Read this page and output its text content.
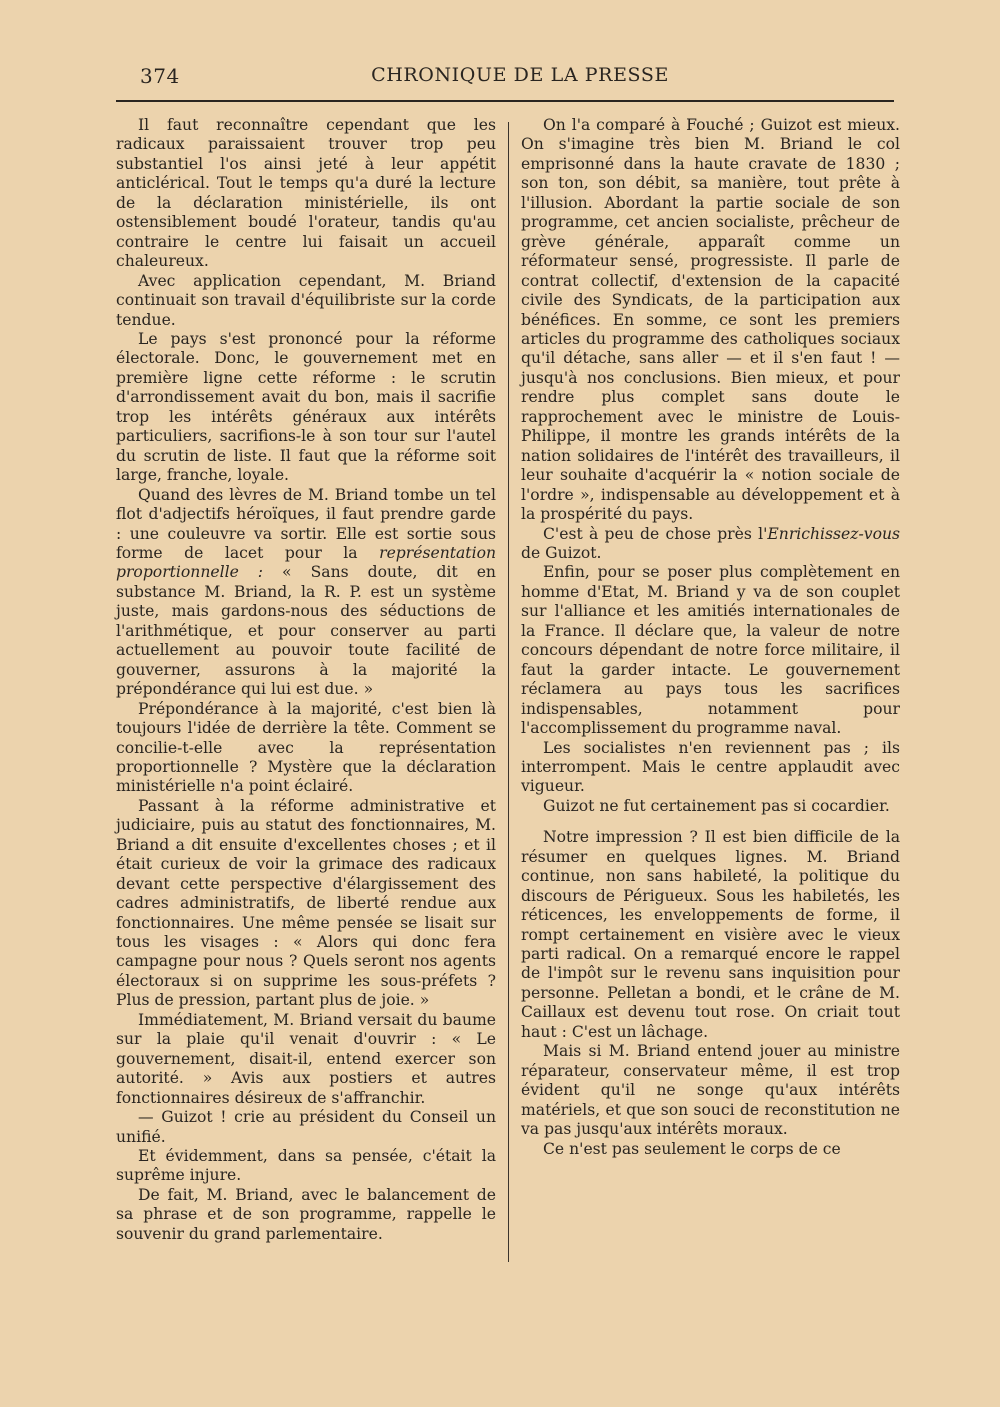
374	CHRONIQUE DE LA PRESSE

Il faut reconnaître cependant que les radicaux paraissaient trouver trop peu substantiel l'os ainsi jeté à leur appétit anticlérical. Tout le temps qu'a duré la lecture de la déclaration ministérielle, ils ont ostensiblement boudé l'orateur, tandis qu'au contraire le centre lui faisait un accueil chaleureux.

Avec application cependant, M. Briand continuait son travail d'équilibriste sur la corde tendue.

Le pays s'est prononcé pour la réforme électorale. Donc, le gouvernement met en première ligne cette réforme : le scrutin d'arrondissement avait du bon, mais il sacrifie trop les intérêts généraux aux intérêts particuliers, sacrifions-le à son tour sur l'autel du scrutin de liste. Il faut que la réforme soit large, franche, loyale.

Quand des lèvres de M. Briand tombe un tel flot d'adjectifs héroïques, il faut prendre garde : une couleuvre va sortir. Elle est sortie sous forme de lacet pour la représentation proportionnelle : « Sans doute, dit en substance M. Briand, la R. P. est un système juste, mais gardons-nous des séductions de l'arithmétique, et pour conserver au parti actuellement au pouvoir toute facilité de gouverner, assurons à la majorité la prépondérance qui lui est due. »

Prépondérance à la majorité, c'est bien là toujours l'idée de derrière la tête. Comment se concilie-t-elle avec la représentation proportionnelle ? Mystère que la déclaration ministérielle n'a point éclairé.

Passant à la réforme administrative et judiciaire, puis au statut des fonctionnaires, M. Briand a dit ensuite d'excellentes choses ; et il était curieux de voir la grimace des radicaux devant cette perspective d'élargissement des cadres administratifs, de liberté rendue aux fonctionnaires. Une même pensée se lisait sur tous les visages : « Alors qui donc fera campagne pour nous ? Quels seront nos agents électoraux si on supprime les sous-préfets ? Plus de pression, partant plus de joie. »

Immédiatement, M. Briand versait du baume sur la plaie qu'il venait d'ouvrir : « Le gouvernement, disait-il, entend exercer son autorité. » Avis aux postiers et autres fonctionnaires désireux de s'affranchir.

— Guizot ! crie au président du Conseil un unifié.

Et évidemment, dans sa pensée, c'était la suprême injure.

De fait, M. Briand, avec le balancement de sa phrase et de son programme, rappelle le souvenir du grand parlementaire.

On l'a comparé à Fouché ; Guizot est mieux. On s'imagine très bien M. Briand le col emprisonné dans la haute cravate de 1830 ; son ton, son débit, sa manière, tout prête à l'illusion. Abordant la partie sociale de son programme, cet ancien socialiste, prêcheur de grève générale, apparaît comme un réformateur sensé, progressiste. Il parle de contrat collectif, d'extension de la capacité civile des Syndicats, de la participation aux bénéfices. En somme, ce sont les premiers articles du programme des catholiques sociaux qu'il détache, sans aller — et il s'en faut ! — jusqu'à nos conclusions. Bien mieux, et pour rendre plus complet sans doute le rapprochement avec le ministre de Louis-Philippe, il montre les grands intérêts de la nation solidaires de l'intérêt des travailleurs, il leur souhaite d'acquérir la « notion sociale de l'ordre », indispensable au développement et à la prospérité du pays.

C'est à peu de chose près l'Enrichissez-vous de Guizot.

Enfin, pour se poser plus complètement en homme d'Etat, M. Briand y va de son couplet sur l'alliance et les amitiés internationales de la France. Il déclare que, la valeur de notre concours dépendant de notre force militaire, il faut la garder intacte. Le gouvernement réclamera au pays tous les sacrifices indispensables, notamment pour l'accomplissement du programme naval.

Les socialistes n'en reviennent pas ; ils interrompent. Mais le centre applaudit avec vigueur.

Guizot ne fut certainement pas si cocardier.

Notre impression ? Il est bien difficile de la résumer en quelques lignes. M. Briand continue, non sans habileté, la politique du discours de Périgueux. Sous les habiletés, les réticences, les enveloppements de forme, il rompt certainement en visière avec le vieux parti radical. On a remarqué encore le rappel de l'impôt sur le revenu sans inquisition pour personne. Pelletan a bondi, et le crâne de M. Caillaux est devenu tout rose. On criait tout haut : C'est un lâchage.

Mais si M. Briand entend jouer au ministre réparateur, conservateur même, il est trop évident qu'il ne songe qu'aux intérêts matériels, et que son souci de reconstitution ne va pas jusqu'aux intérêts moraux.

Ce n'est pas seulement le corps de ce
